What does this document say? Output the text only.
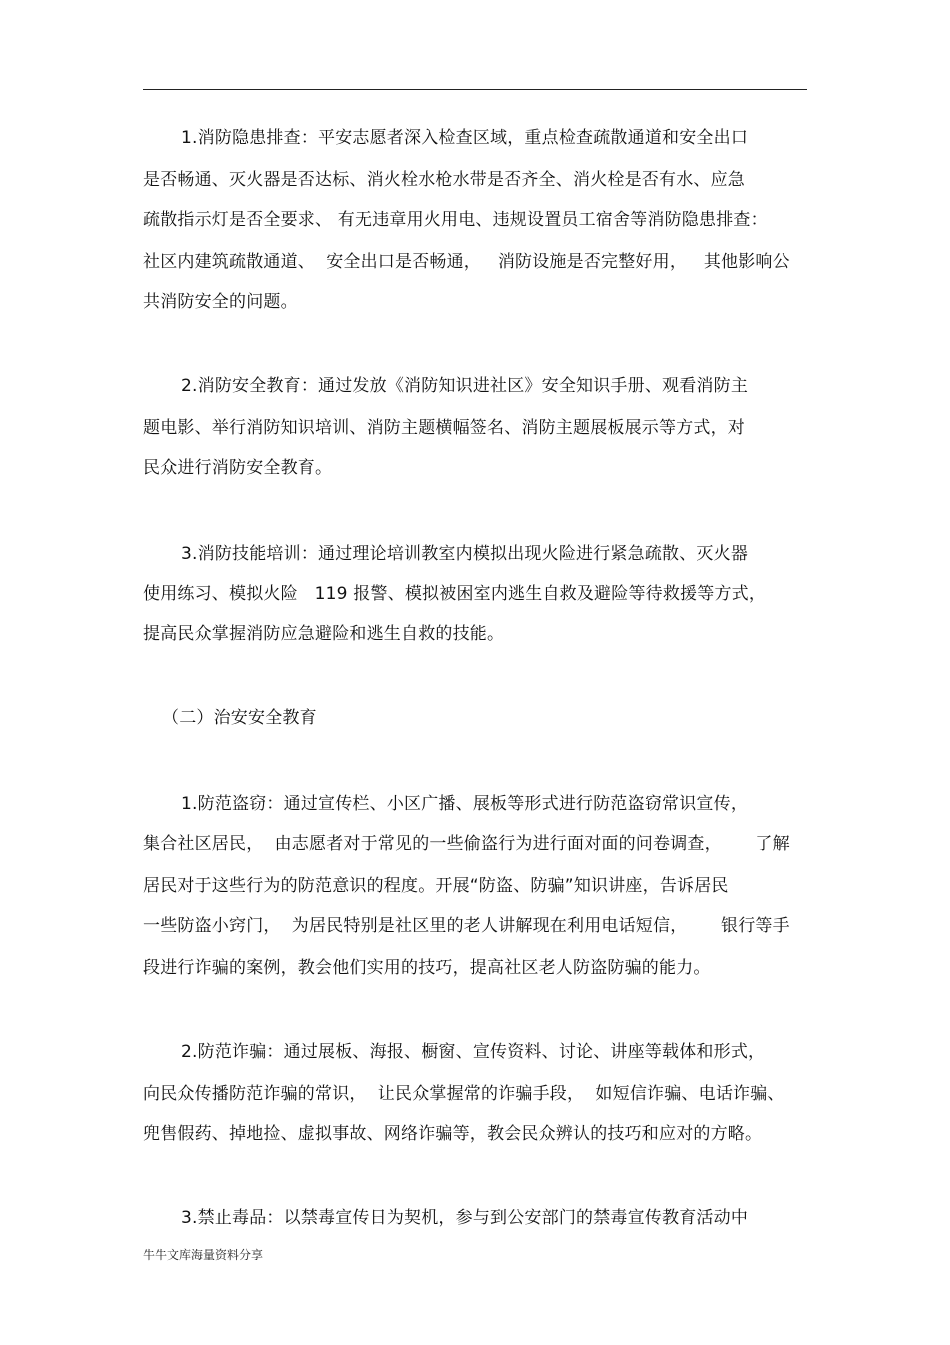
1.消防隐患排查：平安志愿者深入检查区域，重点检查疏散通道和安全出口
是否畅通、灭火器是否达标、消火栓水枪水带是否齐全、消火栓是否有水、应急
疏散指示灯是否全要求、 有无违章用火用电、违规设置员工宿舍等消防隐患排查：
社区内建筑疏散通道、  安全出口是否畅通，   消防设施是否完整好用，   其他影响公
共消防安全的问题。
2.消防安全教育：通过发放《消防知识进社区》安全知识手册、观看消防主
题电影、举行消防知识培训、消防主题横幅签名、消防主题展板展示等方式，对
民众进行消防安全教育。
3.消防技能培训：通过理论培训教室内模拟出现火险进行紧急疏散、灭火器
使用练习、模拟火险   119 报警、模拟被困室内逃生自救及避险等待救援等方式，
提高民众掌握消防应急避险和逃生自救的技能。
（二）治安安全教育
1.防范盗窃：通过宣传栏、小区广播、展板等形式进行防范盗窃常识宣传，
集合社区居民，  由志愿者对于常见的一些偷盗行为进行面对面的问卷调查，      了解
居民对于这些行为的防范意识的程度。开展“防盗、防骗”知识讲座，告诉居民
一些防盗小窍门，  为居民特别是社区里的老人讲解现在利用电话短信，      银行等手
段进行诈骗的案例，教会他们实用的技巧，提高社区老人防盗防骗的能力。
2.防范诈骗：通过展板、海报、橱窗、宣传资料、讨论、讲座等载体和形式，
向民众传播防范诈骗的常识，  让民众掌握常的诈骗手段，  如短信诈骗、电话诈骗、
兜售假药、掉地捡、虚拟事故、网络诈骗等，教会民众辨认的技巧和应对的方略。
3.禁止毒品：以禁毒宣传日为契机，参与到公安部门的禁毒宣传教育活动中
牛牛文库海量资料分享
